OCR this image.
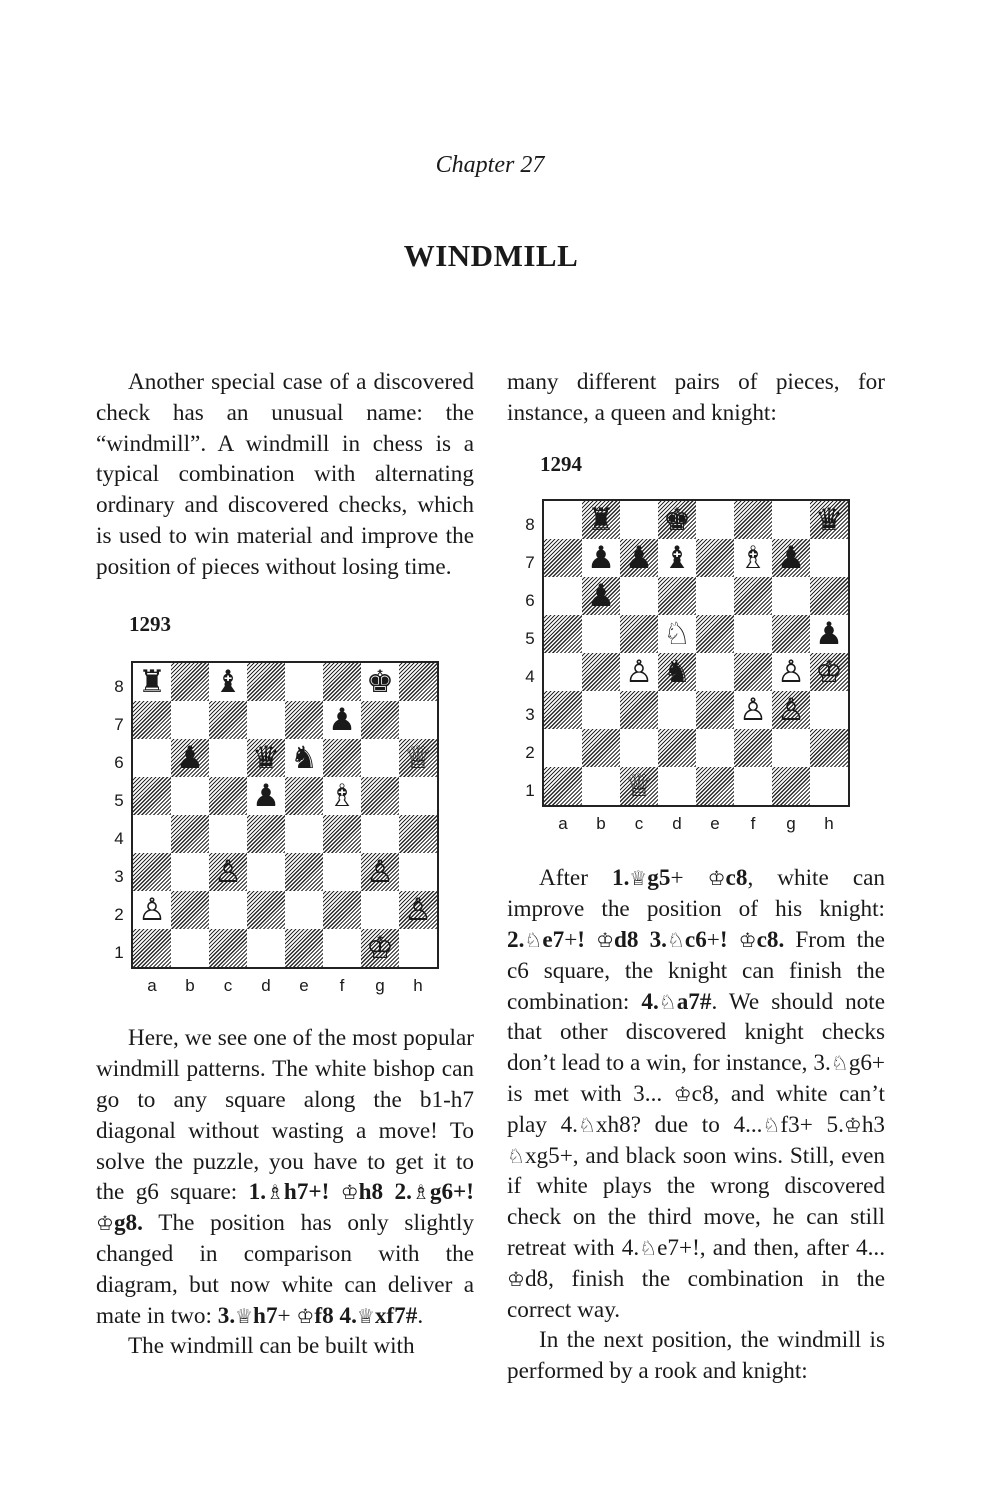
Chapter 27
WINDMILL

Another special case of a discovered check has an unusual name: the “windmill”. A windmill in chess is a typical combination with alternating ordinary and discovered checks, which is used to win material and improve the position of pieces without losing time.

1293
♜ ♝	♚
♟
♟ ♛ ♞	♕
♟ ♗
♙	♙
♙	♙
♔
8
7
6
5
4
3
2
1
a	b	c	d	e	f	g	h

Here, we see one of the most popular windmill patterns. The white bishop can go to any square along the b1-h7 diagonal without wasting a move! To solve the puzzle, you have to get it to the g6 square: 1.♗h7+! ♔h8 2.♗g6+! ♔g8. The position has only slightly changed in comparison with the diagram, but now white can deliver a mate in two: 3.♕h7+ ♔f8 4.♕xf7#.

The windmill can be built with

many different pairs of pieces, for instance, a queen and knight:

1294
♜ ♚	♛
♟ ♟ ♝ ♗ ♟
♟
♘	♟
♙ ♞	♙ ♔
♙ ♙
♕
8
7
6
5
4
3
2
1
a	b	c	d	e	f	g	h

After 1.♕g5+ ♔c8, white can improve the position of his knight: 2.♘e7+! ♔d8 3.♘c6+! ♔c8. From the c6 square, the knight can finish the combination: 4.♘a7#. We should note that other discovered knight checks don’t lead to a win, for instance, 3.♘g6+ is met with 3... ♔c8, and white can’t play 4.♘xh8? due to 4...♘f3+ 5.♔h3 ♘xg5+, and black soon wins. Still, even if white plays the wrong discovered check on the third move, he can still retreat with 4.♘e7+!, and then, after 4... ♔d8, finish the combination in the correct way.

In the next position, the windmill is performed by a rook and knight:
